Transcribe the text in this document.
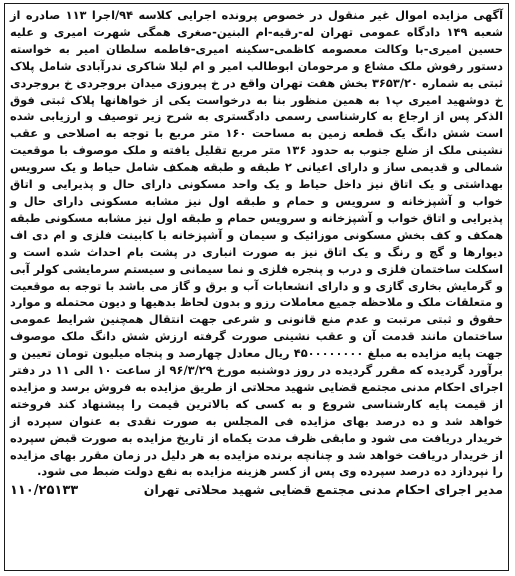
آگهی مزایده اموال غیر منقول در خصوص پرونده اجرایی کلاسه ۹۴/اجرا ۱۱۳ صادره از شعبه ۱۴۹ دادگاه عمومی تهران له-رقیه-ام البنین-صغری همگی شهرت امیری و علیه حسین امیری-با وکالت معصومه کاظمی-سکینه امیری-فاطمه سلطان امیر به خواسته دستور رفوش ملک مشاع و مرحومان ابوطالب امیر و ام لیلا شاکری ندرآبادی شامل پلاک ثبتی به شماره ۳۶۵۳/۲۰ بخش هفت تهران واقع در خ پیروزی میدان بروجردی خ بروجردی خ دوشهید امیری پ۱ به همین منظور بنا به درخواست یکی از خواهانها پلاک ثبتی فوق الذکر پس از ارجاع به کارشناسی رسمی دادگستری به شرح زیر توصیف و ارزیابی شده است شش دانگ یک قطعه زمین به مساحت ۱۶۰ متر مربع با توجه به اصلاحی و عقب نشینی ملک از ضلع جنوب به حدود ۱۳۶ متر مربع تقلیل یافته و ملک موصوف با موقعیت شمالی و قدیمی ساز و دارای اعیانی ۲ طبقه و طبقه همکف شامل حیاط و یک سرویس بهداشتی و یک اتاق نیز داخل حیاط و یک واحد مسکونی دارای حال و پذیرایی و اتاق خواب و آشپزخانه و سرویس و حمام و طبقه اول نیز مشابه مسکونی دارای حال و پذیرایی و اتاق خواب و آشپزخانه و سرویس حمام و طبقه اول نیز مشابه مسکونی طبقه همکف و کف بخش مسکونی موزائیک و سیمان و آشپزخانه با کابینت فلزی و ام دی اف دیوارها و گچ و رنگ و یک اتاق نیز به صورت انباری در پشت بام احداث شده است و اسکلت ساختمان فلزی و درب و پنجره فلزی و نما سیمانی و سیستم سرمایشی کولر آبی و گرمایش بخاری گازی و و دارای انشعابات آب و برق و گاز می باشد با توجه به موقعیت و متعلقات ملک و ملاحظه جمیع معاملات رزو و بدون لحاظ بدهیها و دیون محتمله و موارد حقوق و ثبتی مرتبت و عدم منع قانونی و شرعی جهت انتقال همچنین شرایط عمومی ساختمان مانند قدمت آن و عقب نشینی صورت گرفته ارزش شش دانگ ملک موصوف جهت پایه مزایده به مبلغ ۴۵۰۰۰۰۰۰۰۰ ریال معادل چهارصد و پنجاه میلیون تومان تعیین و برآورد گردیده که مقرر گردیده در روز دوشنبه مورخ ۹۶/۳/۲۹ از ساعت ۱۰ الی ۱۱ در دفتر اجرای احکام مدنی مجتمع قضایی شهید محلاتی از طریق مزایده به فروش برسد و مزایده از قیمت پایه کارشناسی شروع و به کسی که بالاترین قیمت را پیشنهاد کند فروخته خواهد شد و ده درصد بهای مزایده فی المجلس به صورت نقدی به عنوان سپرده از خریدار دریافت می شود و مابقی ظرف مدت یکماه از تاریخ مزایده به صورت قبض سپرده از خریدار دریافت خواهد شد و چنانچه برنده مزایده به هر دلیل در زمان مقرر بهای مزایده را نپردازد ده درصد سپرده وی پس از کسر هزینه مزایده به نفع دولت ضبط می شود.

مدیر اجرای احکام مدنی مجتمع قضایی شهید محلاتی تهران
۱۱۰/۲۵۱۳۳
